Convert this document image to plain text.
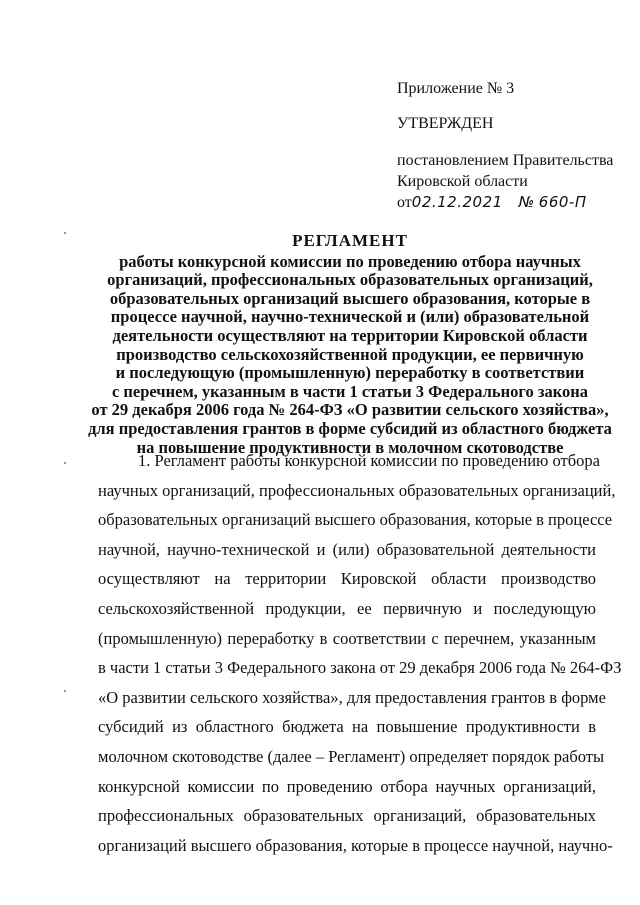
Приложение № 3
УТВЕРЖДЕН
постановлением Правительства
Кировской области
от02.12.2021 № 660-П
РЕГЛАМЕНТ
работы конкурсной комиссии по проведению отбора научных
организаций, профессиональных образовательных организаций,
образовательных организаций высшего образования, которые в
процессе научной, научно-технической и (или) образовательной
деятельности осуществляют на территории Кировской области
производство сельскохозяйственной продукции, ее первичную
и последующую (промышленную) переработку в соответствии
с перечнем, указанным в части 1 статьи 3 Федерального закона
от 29 декабря 2006 года № 264-ФЗ «О развитии сельского хозяйства»,
для предоставления грантов в форме субсидий из областного бюджета
на повышение продуктивности в молочном скотоводстве
1. Регламент работы конкурсной комиссии по проведению отбора
научных организаций, профессиональных образовательных организаций,
образовательных организаций высшего образования, которые в процессе
научной, научно-технической и (или) образовательной деятельности
осуществляют на территории Кировской области производство
сельскохозяйственной продукции, ее первичную и последующую
(промышленную) переработку в соответствии с перечнем, указанным
в части 1 статьи 3 Федерального закона от 29 декабря 2006 года № 264-ФЗ
«О развитии сельского хозяйства», для предоставления грантов в форме
субсидий из областного бюджета на повышение продуктивности в
молочном скотоводстве (далее – Регламент) определяет порядок работы
конкурсной комиссии по проведению отбора научных организаций,
профессиональных образовательных организаций, образовательных
организаций высшего образования, которые в процессе научной, научно-
